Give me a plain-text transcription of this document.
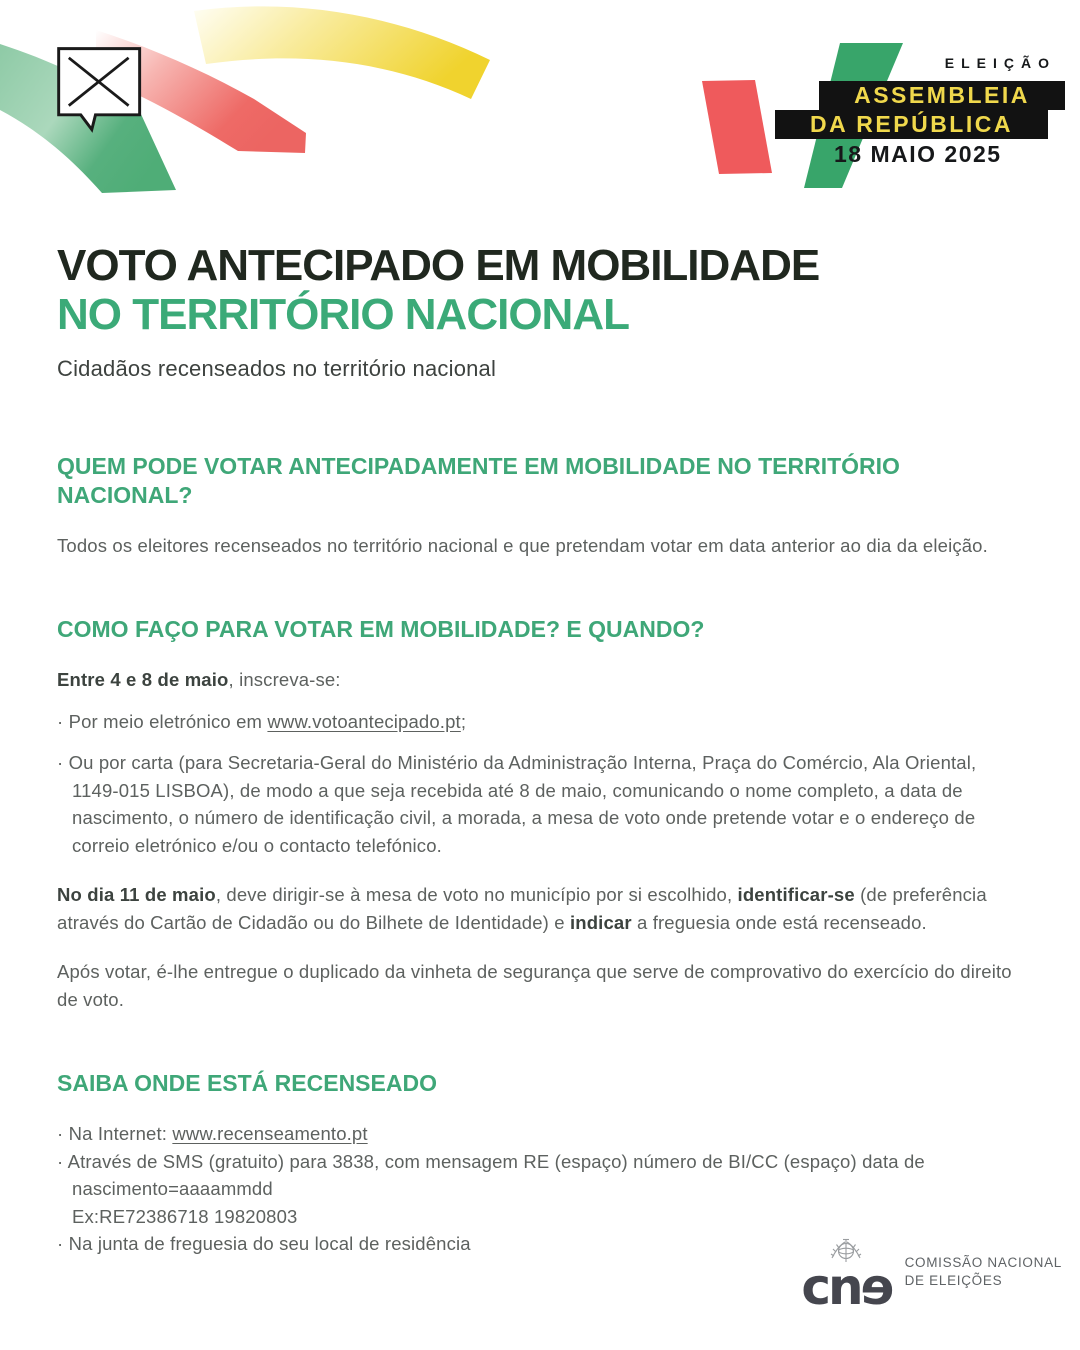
ELEIÇÃO
ASSEMBLEIA
DA REPÚBLICA
18 MAIO 2025
VOTO ANTECIPADO EM MOBILIDADE
NO TERRITÓRIO NACIONAL

Cidadãos recenseados no território nacional

QUEM PODE VOTAR ANTECIPADAMENTE EM MOBILIDADE NO TERRITÓRIO NACIONAL?

Todos os eleitores recenseados no território nacional e que pretendam votar em data anterior ao dia da eleição.

COMO FAÇO PARA VOTAR EM MOBILIDADE? E QUANDO?

Entre 4 e 8 de maio, inscreva-se:

· Por meio eletrónico em www.votoantecipado.pt;

· Ou por carta (para Secretaria-Geral do Ministério da Administração Interna, Praça do Comércio, Ala Oriental, 1149-015 LISBOA), de modo a que seja recebida até 8 de maio, comunicando o nome completo, a data de nascimento, o número de identificação civil, a morada, a mesa de voto onde pretende votar e o endereço de correio eletrónico e/ou o contacto telefónico.

No dia 11 de maio, deve dirigir-se à mesa de voto no município por si escolhido, identificar-se (de preferência através do Cartão de Cidadão ou do Bilhete de Identidade) e indicar a freguesia onde está recenseado.

Após votar, é-lhe entregue o duplicado da vinheta de segurança que serve de comprovativo do exercício do direito de voto.

SAIBA ONDE ESTÁ RECENSEADO

· Na Internet: www.recenseamento.pt

· Através de SMS (gratuito) para 3838, com mensagem RE (espaço) número de BI/CC (espaço) data de nascimento=aaaammdd

Ex:RE72386718 19820803

· Na junta de freguesia do seu local de residência

cnɘ COMISSÃO NACIONAL
DE ELEIÇÕES
